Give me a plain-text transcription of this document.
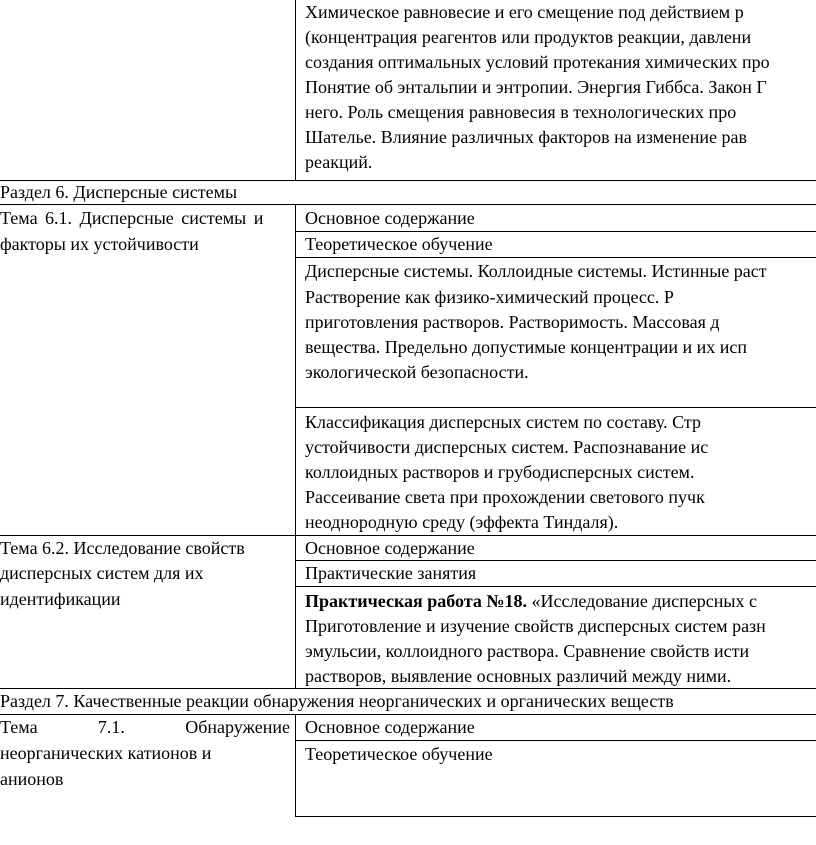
Химическое равновесие и его смещение под действием р
(концентрация реагентов или продуктов реакции, давлени
создания оптимальных условий протекания химических про
Понятие об энтальпии и энтропии. Энергия Гиббса. Закон Г
него. Роль смещения равновесия в технологических про
Шателье. Влияние различных факторов на изменение рав
реакций.
Раздел 6. Дисперсные системы
Тема 6.1. Дисперсные системы и
факторы их устойчивости
Основное содержание
Теоретическое обучение
Дисперсные системы. Коллоидные системы. Истинные раст
Растворение как физико-химический процесс. Р
приготовления растворов. Растворимость. Массовая д
вещества. Предельно допустимые концентрации и их исп
экологической безопасности.
Классификация дисперсных систем по составу. Стр
устойчивости дисперсных систем. Распознавание ис
коллоидных растворов и грубодисперсных систем.
Рассеивание света при прохождении светового пучк
неоднородную среду (эффекта Тиндаля).
Тема 6.2. Исследование свойств
дисперсных систем для их
идентификации
Основное содержание
Практические занятия
Практическая работа №18. «Исследование дисперсных с
Приготовление и изучение свойств дисперсных систем разн
эмульсии, коллоидного раствора. Сравнение свойств исти
растворов, выявление основных различий между ними.
Раздел 7. Качественные реакции обнаружения неорганических и органических веществ
Тема	7.1.	Обнаружение
неорганических катионов и
анионов
Основное содержание
Теоретическое обучение
